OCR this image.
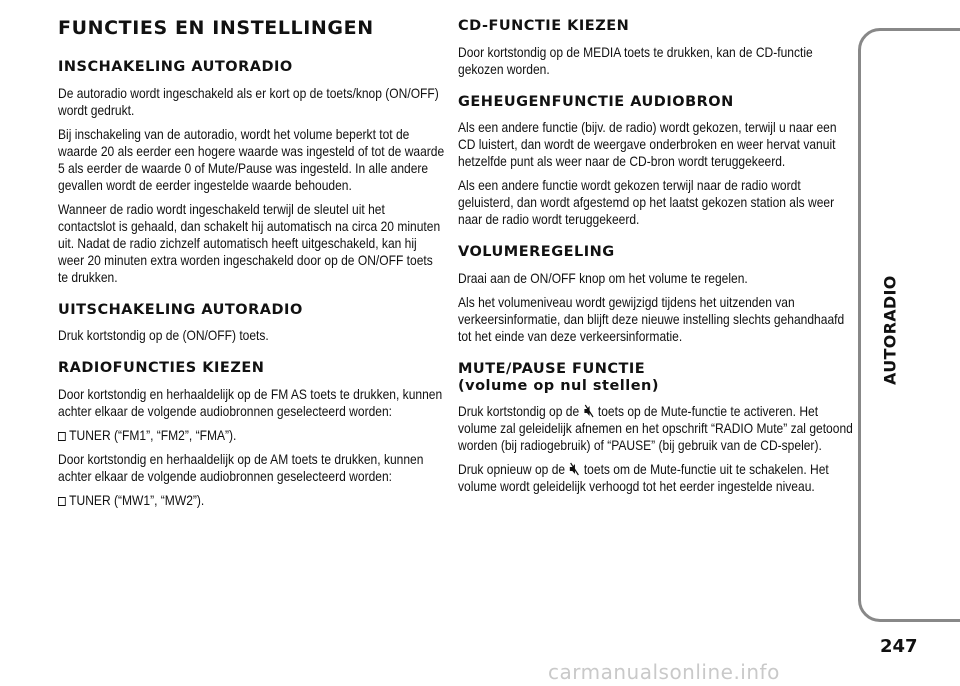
FUNCTIES EN INSTELLINGEN
INSCHAKELING AUTORADIO

De autoradio wordt ingeschakeld als er kort op de toets/knop (ON/OFF) wordt gedrukt.

Bij inschakeling van de autoradio, wordt het volume beperkt tot de waarde 20 als eerder een hogere waarde was ingesteld of tot de waarde 5 als eerder de waarde 0 of Mute/Pause was ingesteld. In alle andere gevallen wordt de eerder ingestelde waarde behouden.

Wanneer de radio wordt ingeschakeld terwijl de sleutel uit het contactslot is gehaald, dan schakelt hij automatisch na circa 20 minuten uit. Nadat de radio zichzelf automatisch heeft uitgeschakeld, kan hij weer 20 minuten extra worden ingeschakeld door op de ON/OFF toets te drukken.

UITSCHAKELING AUTORADIO

Druk kortstondig op de (ON/OFF) toets.

RADIOFUNCTIES KIEZEN

Door kortstondig en herhaaldelijk op de FM AS toets te drukken, kunnen achter elkaar de volgende audiobronnen geselecteerd worden:

TUNER (“FM1”, “FM2”, “FMA”).

Door kortstondig en herhaaldelijk op de AM toets te drukken, kunnen achter elkaar de volgende audiobronnen geselecteerd worden:

TUNER (“MW1”, “MW2”).

CD-FUNCTIE KIEZEN

Door kortstondig op de MEDIA toets te drukken, kan de CD-functie gekozen worden.

GEHEUGENFUNCTIE AUDIOBRON

Als een andere functie (bijv. de radio) wordt gekozen, terwijl u naar een CD luistert, dan wordt de weergave onderbroken en weer hervat vanuit hetzelfde punt als weer naar de CD-bron wordt teruggekeerd.

Als een andere functie wordt gekozen terwijl naar de radio wordt geluisterd, dan wordt afgestemd op het laatst gekozen station als weer naar de radio wordt teruggekeerd.

VOLUMEREGELING

Draai aan de ON/OFF knop om het volume te regelen.

Als het volumeniveau wordt gewijzigd tijdens het uitzenden van verkeersinformatie, dan blijft deze nieuwe instelling slechts gehandhaafd tot het einde van deze verkeersinformatie.

MUTE/PAUSE FUNCTIE
(volume op nul stellen)

Druk kortstondig op de toets op de Mute-functie te activeren. Het volume zal geleidelijk afnemen en het opschrift “RADIO Mute” zal getoond worden (bij radiogebruik) of “PAUSE” (bij gebruik van de CD-speler).

Druk opnieuw op de toets om de Mute-functie uit te schakelen. Het volume wordt geleidelijk verhoogd tot het eerder ingestelde niveau.

AUTORADIO
247
carmanualsonline.info
